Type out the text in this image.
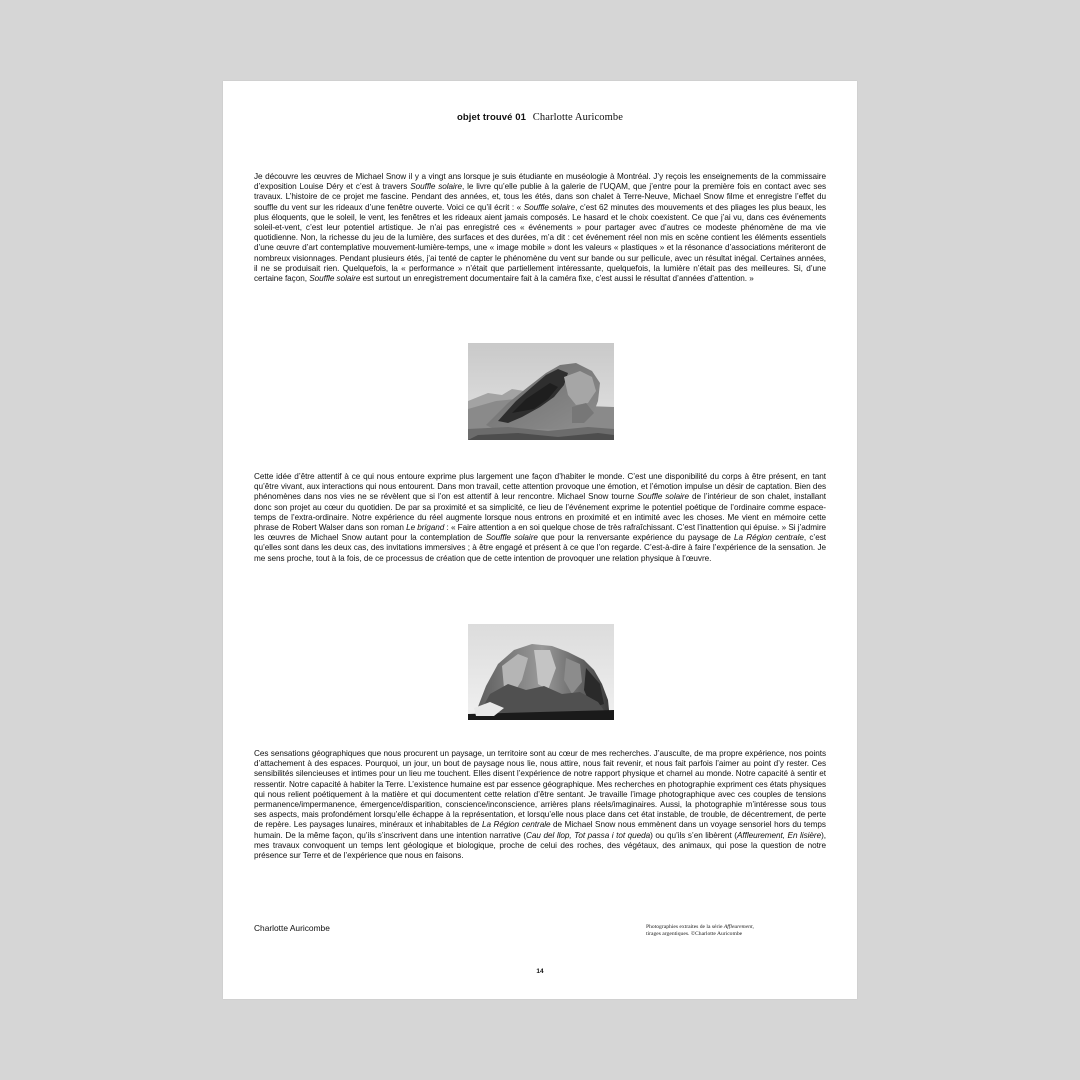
objet trouvé 01 Charlotte Auricombe

Je découvre les œuvres de Michael Snow il y a vingt ans lorsque je suis étudiante en muséologie à Montréal. J’y reçois les enseignements de la commissaire d’exposition Louise Déry et c’est à travers Souffle solaire, le livre qu’elle publie à la galerie de l’UQAM, que j’entre pour la première fois en contact avec ses travaux. L’histoire de ce projet me fascine. Pendant des années, et, tous les étés, dans son chalet à Terre-Neuve, Michael Snow filme et enregistre l’effet du souffle du vent sur les rideaux d’une fenêtre ouverte. Voici ce qu’il écrit : « Souffle solaire, c’est 62 minutes des mouvements et des pliages les plus beaux, les plus éloquents, que le soleil, le vent, les fenêtres et les rideaux aient jamais composés. Le hasard et le choix coexistent. Ce que j’ai vu, dans ces événements soleil-et-vent, c’est leur potentiel artistique. Je n’ai pas enregistré ces « événements » pour partager avec d’autres ce modeste phénomène de ma vie quotidienne. Non, la richesse du jeu de la lumière, des surfaces et des durées, m’a dit : cet événement réel non mis en scène contient les éléments essentiels d’une œuvre d’art contemplative mouvement-lumière-temps, une « image mobile » dont les valeurs « plastiques » et la résonance d’associations mériteront de nombreux visionnages. Pendant plusieurs étés, j’ai tenté de capter le phénomène du vent sur bande ou sur pellicule, avec un résultat inégal. Certaines années, il ne se produisait rien. Quelquefois, la « performance » n’était que partiellement intéressante, quelquefois, la lumière n’était pas des meilleures. Si, d’une certaine façon, Souffle solaire est surtout un enregistrement documentaire fait à la caméra fixe, c’est aussi le résultat d’années d’attention. »

Cette idée d’être attentif à ce qui nous entoure exprime plus largement une façon d’habiter le monde. C’est une disponibilité du corps à être présent, en tant qu’être vivant, aux interactions qui nous entourent. Dans mon travail, cette attention provoque une émotion, et l’émotion impulse un désir de captation. Bien des phénomènes dans nos vies ne se révèlent que si l’on est attentif à leur rencontre. Michael Snow tourne Souffle solaire de l’intérieur de son chalet, installant donc son projet au cœur du quotidien. De par sa proximité et sa simplicité, ce lieu de l’événement exprime le potentiel poétique de l’ordinaire comme espace-temps de l’extra-ordinaire. Notre expérience du réel augmente lorsque nous entrons en proximité et en intimité avec les choses. Me vient en mémoire cette phrase de Robert Walser dans son roman Le brigand : « Faire attention a en soi quelque chose de très rafraîchissant. C’est l’inattention qui épuise. » Si j’admire les œuvres de Michael Snow autant pour la contemplation de Souffle solaire que pour la renversante expérience du paysage de La Région centrale, c’est qu’elles sont dans les deux cas, des invitations immersives ; à être engagé et présent à ce que l’on regarde. C’est-à-dire à faire l’expérience de la sensation. Je me sens proche, tout à la fois, de ce processus de création que de cette intention de provoquer une relation physique à l’œuvre.

Ces sensations géographiques que nous procurent un paysage, un territoire sont au cœur de mes recherches. J’ausculte, de ma propre expérience, nos points d’attachement à des espaces. Pourquoi, un jour, un bout de paysage nous lie, nous attire, nous fait revenir, et nous fait parfois l’aimer au point d’y rester. Ces sensibilités silencieuses et intimes pour un lieu me touchent. Elles disent l’expérience de notre rapport physique et charnel au monde. Notre capacité à sentir et ressentir. Notre capacité à habiter la Terre. L’existence humaine est par essence géographique. Mes recherches en photographie expriment ces états physiques qui nous relient poétiquement à la matière et qui documentent cette relation d’être sentant. Je travaille l’image photographique avec ces couples de tensions permanence/impermanence, émergence/disparition, conscience/inconscience, arrières plans réels/imaginaires. Aussi, la photographie m’intéresse sous tous ses aspects, mais profondément lorsqu’elle échappe à la représentation, et lorsqu’elle nous place dans cet état instable, de trouble, de décentrement, de perte de repère. Les paysages lunaires, minéraux et inhabitables de La Région centrale de Michael Snow nous emmènent dans un voyage sensoriel hors du temps humain. De la même façon, qu’ils s’inscrivent dans une intention narrative (Cau del llop, Tot passa i tot queda) ou qu’ils s’en libèrent (Affleurement, En lisière), mes travaux convoquent un temps lent géologique et biologique, proche de celui des roches, des végétaux, des animaux, qui pose la question de notre présence sur Terre et de l’expérience que nous en faisons.

Charlotte Auricombe	Photographies extraites de la série Affleurement,
tirages argentiques. ©Charlotte Auricombe
14
